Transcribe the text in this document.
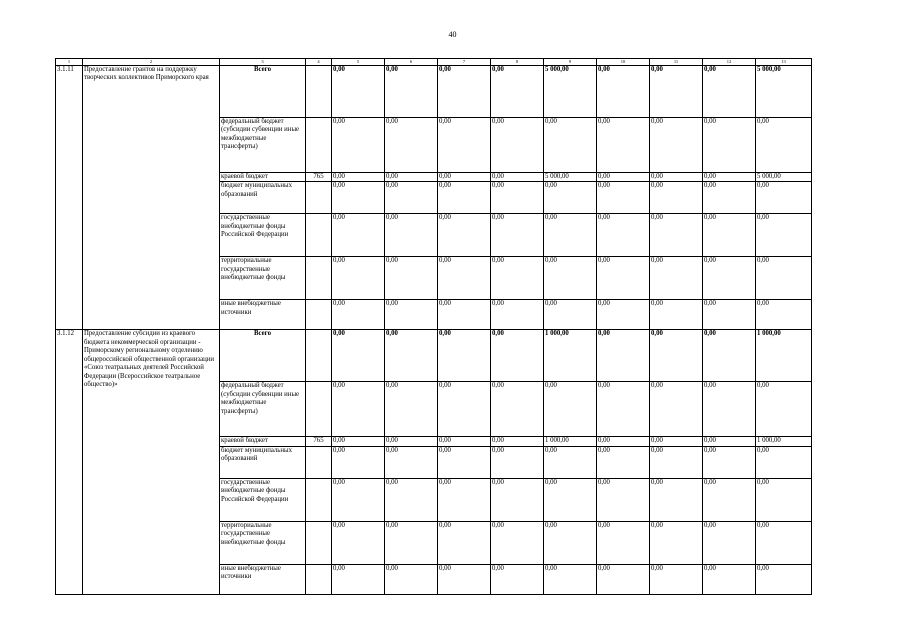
40
1	2	3	4	5	6	7	8	9	10	11	12	13
3.1.11	Предоставление грантов на поддержку творческих коллективов Приморского края	Всего		0,00	0,00	0,00	0,00	5 000,00	0,00	0,00	0,00	5 000,00
		федеральный бюджет (субсидии субвенции иные межбюджетные трансферты)		0,00	0,00	0,00	0,00	0,00	0,00	0,00	0,00	0,00
		краевой бюджет	765	0,00	0,00	0,00	0,00	5 000,00	0,00	0,00	0,00	5 000,00
		бюджет муниципальных образований		0,00	0,00	0,00	0,00	0,00	0,00	0,00	0,00	0,00
		государственные внебюджетные фонды Российской Федерации		0,00	0,00	0,00	0,00	0,00	0,00	0,00	0,00	0,00
		территориальные государственные внебюджетные фонды		0,00	0,00	0,00	0,00	0,00	0,00	0,00	0,00	0,00
		иные внебюджетные источники		0,00	0,00	0,00	0,00	0,00	0,00	0,00	0,00	0,00
3.1.12	Предоставление субсидии из краевого бюджета некоммерческой организации - Приморскому региональному отделению общероссийской общественной организации «Союз театральных деятелей Российской Федерации (Всероссийское театральное общество)»	Всего		0,00	0,00	0,00	0,00	1 000,00	0,00	0,00	0,00	1 000,00
		федеральный бюджет (субсидии субвенции иные межбюджетные трансферты)		0,00	0,00	0,00	0,00	0,00	0,00	0,00	0,00	0,00
		краевой бюджет	765	0,00	0,00	0,00	0,00	1 000,00	0,00	0,00	0,00	1 000,00
		бюджет муниципальных образований		0,00	0,00	0,00	0,00	0,00	0,00	0,00	0,00	0,00
		государственные внебюджетные фонды Российской Федерации		0,00	0,00	0,00	0,00	0,00	0,00	0,00	0,00	0,00
		территориальные государственные внебюджетные фонды		0,00	0,00	0,00	0,00	0,00	0,00	0,00	0,00	0,00
		иные внебюджетные источники		0,00	0,00	0,00	0,00	0,00	0,00	0,00	0,00	0,00
